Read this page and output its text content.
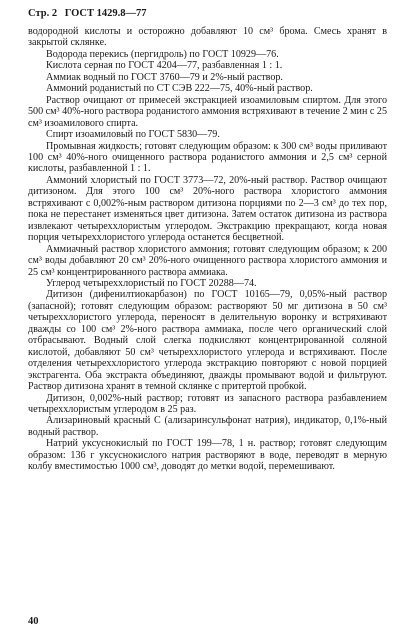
Стр. 2 ГОСТ 1429.8—77

водородной кислоты и осторожно добавляют 10 см³ брома. Смесь хранят в закрытой склянке.

Водорода перекись (пергидроль) по ГОСТ 10929—76.

Кислота серная по ГОСТ 4204—77, разбавленная 1 : 1.

Аммиак водный по ГОСТ 3760—79 и 2%-ный раствор.

Аммоний роданистый по СТ СЭВ 222—75, 40%-ный раствор.

Раствор очищают от примесей экстракцией изоамиловым спиртом. Для этого 500 см³ 40%-ного раствора роданистого аммония встряхивают в течение 2 мин с 25 см³ изоамилового спирта.

Спирт изоамиловый по ГОСТ 5830—79.

Промывная жидкость; готовят следующим образом: к 300 см³ воды приливают 100 см³ 40%-ного очищенного раствора роданистого аммония и 2,5 см³ серной кислоты, разбавленной 1 : 1.

Аммоний хлористый по ГОСТ 3773—72, 20%-ный раствор. Раствор очищают дитизоном. Для этого 100 см³ 20%-ного раствора хлористого аммония встряхивают с 0,002%-ным раствором дитизона порциями по 2—3 см³ до тех пор, пока не перестанет изменяться цвет дитизона. Затем остаток дитизона из раствора извлекают четыреххлористым углеродом. Экстракцию прекращают, когда новая порция четыреххлористого углерода останется бесцветной.

Аммиачный раствор хлористого аммония; готовят следующим образом; к 200 см³ воды добавляют 20 см³ 20%-ного очищенного раствора хлористого аммония и 25 см³ концентрированного раствора аммиака.

Углерод четыреххлористый по ГОСТ 20288—74.

Дитизон (дифенилтиокарбазон) по ГОСТ 10165—79, 0,05%-ный раствор (запасной); готовят следующим образом: растворяют 50 мг дитизона в 50 см³ четыреххлористого углерода, переносят в делительную воронку и встряхивают дважды со 100 см³ 2%-ного раствора аммиака, после чего органический слой отбрасывают. Водный слой слегка подкисляют концентрированной соляной кислотой, добавляют 50 см³ четыреххлористого углерода и встряхивают. После отделения четыреххлористого углерода экстракцию повторяют с новой порцией экстрагента. Оба экстракта объединяют, дважды промывают водой и фильтруют. Раствор дитизона хранят в темной склянке с притертой пробкой.

Дитизон, 0,002%-ный раствор; готовят из запасного раствора разбавлением четыреххлористым углеродом в 25 раз.

Ализариновый красный С (ализаринсульфонат натрия), индикатор, 0,1%-ный водный раствор.

Натрий уксуснокислый по ГОСТ 199—78, 1 н. раствор; готовят следующим образом: 136 г уксуснокислого натрия растворяют в воде, переводят в мерную колбу вместимостью 1000 см³, доводят до метки водой, перемешивают.

40
